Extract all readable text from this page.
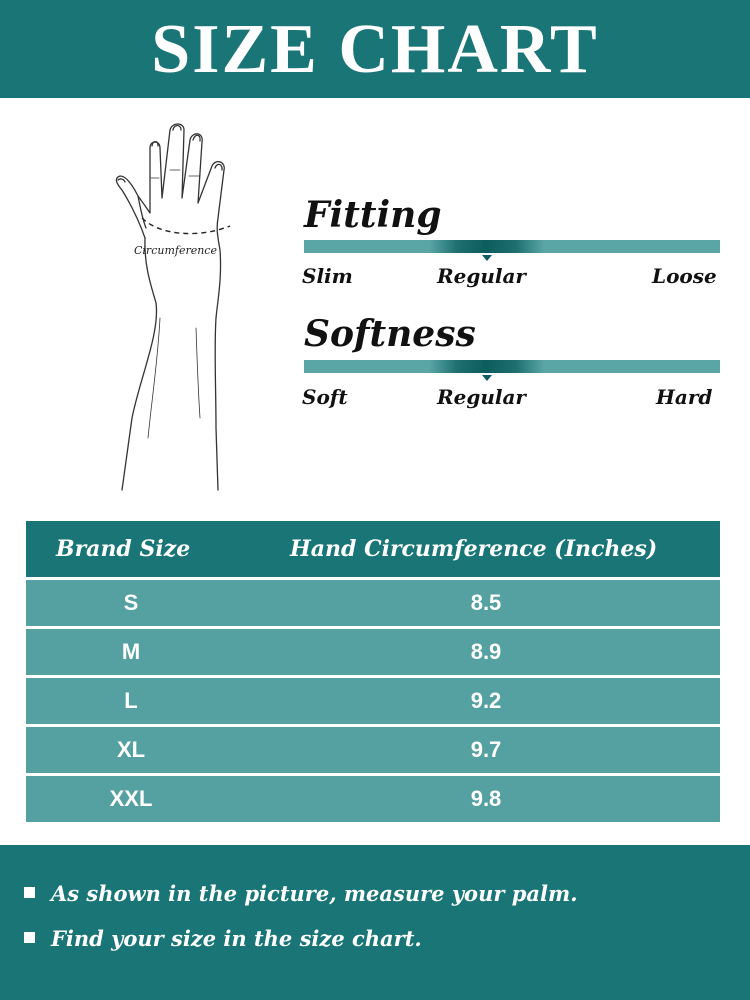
SIZE CHART
Circumference
Fitting
Slim	Regular	Loose
Softness
Soft	Regular	Hard
Brand Size	Hand Circumference (Inches)
S	8.5
M	8.9
L	9.2
XL	9.7
XXL	9.8
As shown in the picture, measure your palm.
Find your size in the size chart.
